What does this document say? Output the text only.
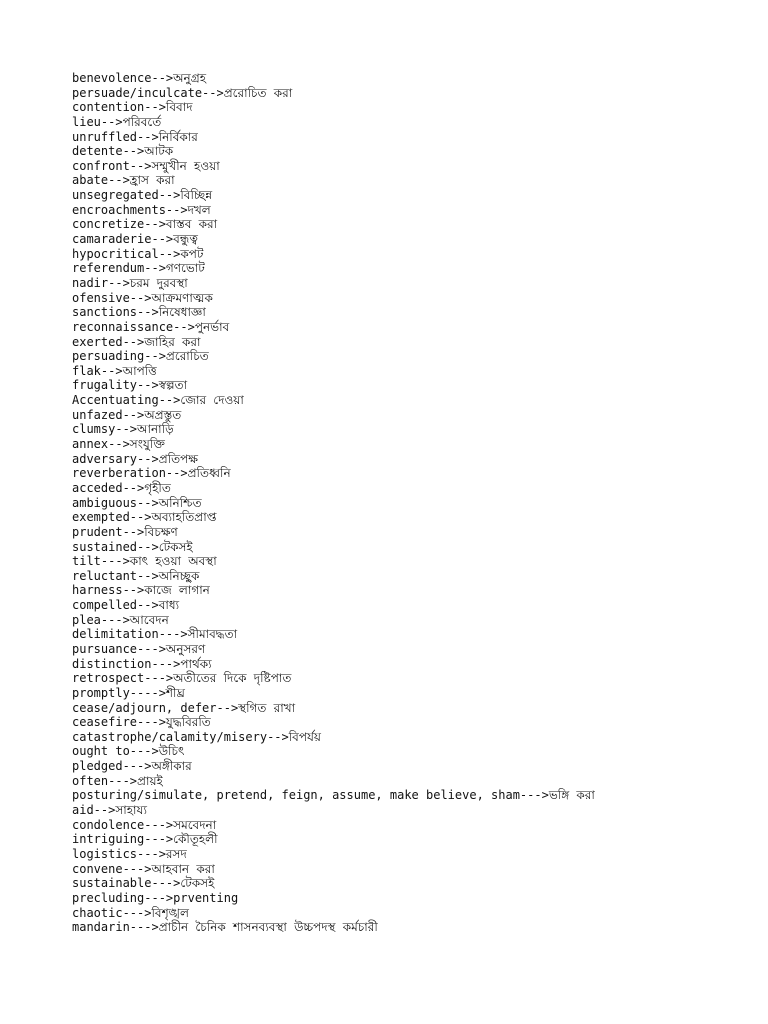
benevolence-->অনুগ্রহ
persuade/inculcate-->প্ররোচিত করা
contention-->বিবাদ
lieu-->পরিবর্তে
unruffled-->নির্বিকার
detente-->আটক
confront-->সম্মুখীন হওয়া
abate-->হ্রাস করা
unsegregated-->বিচ্ছিন্ন
encroachments-->দখল
concretize-->বাস্তব করা
camaraderie-->বন্ধুত্ব
hypocritical-->কপট
referendum-->গণভোট
nadir-->চরম দুরবস্থা
ofensive-->আক্রমণাত্মক
sanctions-->নিষেধাজ্ঞা
reconnaissance-->পুনর্ভাব
exerted-->জাহির করা
persuading-->প্ররোচিত
flak-->আপত্তি
frugality-->স্বল্পতা
Accentuating-->জোর দেওয়া
unfazed-->অপ্রস্তুত
clumsy-->আনাড়ি
annex-->সংযুক্তি
adversary-->প্রতিপক্ষ
reverberation-->প্রতিধ্বনি
acceded-->গৃহীত
ambiguous-->অনিশ্চিত
exempted-->অব্যাহতিপ্রাপ্ত
prudent-->বিচক্ষণ
sustained-->টেকসই
tilt--->কাৎ হওয়া অবস্থা
reluctant-->অনিচ্ছুক
harness-->কাজে লাগান
compelled-->বাধ্য
plea--->আবেদন
delimitation--->সীমাবদ্ধতা
pursuance--->অনুসরণ
distinction--->পার্থক্য
retrospect--->অতীতের দিকে দৃষ্টিপাত
promptly---->শীঘ্র
cease/adjourn, defer-->স্থগিত রাখা
ceasefire--->যুদ্ধবিরতি
catastrophe/calamity/misery-->বিপর্যয়
ought to--->উচিৎ
pledged--->অঙ্গীকার
often--->প্রায়ই
posturing/simulate, pretend, feign, assume, make believe, sham--->ভঙ্গি করা
aid-->সাহায্য
condolence--->সমবেদনা
intriguing--->কৌতূহলী
logistics--->রসদ
convene--->আহবান করা
sustainable--->টেকসই
precluding--->prventing
chaotic--->বিশৃঙ্খল
mandarin--->প্রাচীন চৈনিক শাসনব্যবস্থা উচ্চপদস্থ কর্মচারী
